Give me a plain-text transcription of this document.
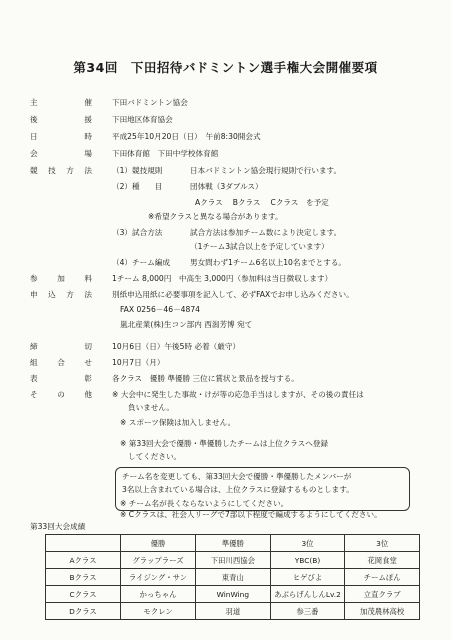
第34回　下田招待バドミントン選手権大会開催要項
主	催	下田バドミントン協会
後	援	下田地区体育協会
日	時	平成25年10月20日（日）　午前8:30開会式
会	場	下田体育館　下田中学校体育館
競 技 方 法	（1）競技規則	日本バドミントン協会現行規則で行います。
（2）種　　目	団体戦（3ダブルス）
Aクラス　 Bクラス　 Cクラス　を予定
※希望クラスと異なる場合があります。
（3）試合方法	試合方法は参加チーム数により決定します。
（1チーム3試合以上を予定しています）
（4）チーム編成	男女問わず1チーム6名以上10名までとする。
参	加	料	1チーム 8,000円　中高生 3,000円（参加料は当日徴収します）
申 込 方 法	別紙申込用紙に必要事項を記入して、必ずFAXでお申し込みください。
FAX 0256－46－4874
嵐北産業(株)生コン部内 西潟芳博 宛て
締	切	10月6日（日）午後5時 必着（厳守）
組	合	せ	10月7日（月）
表	彰	各クラス　優勝 準優勝 三位に賞状と景品を授与する。
そ	の	他	※ 大会中に発生した事故・けが等の応急手当はしますが、その後の責任は
負いません。
※ スポーツ保険は加入しません。
※ 第33回大会で優勝・準優勝したチームは上位クラスへ登録
してください。
チーム名を変更しても、第33回大会で優勝・準優勝したメンバーが
3名以上含まれている場合は、上位クラスに登録するものとします。
※ チーム名が長くならないようにしてください。
※ Cクラスは、社会人リーグで7部以下程度で編成するようにしてください。
第33回大会成績
	優勝	準優勝	3位	3位
Aクラス	グラップラーズ	下田川西協会	YBC(B)	花岡食堂
Bクラス	ライジング・サン	東青山	ヒゲびよ	チームぽん
Cクラス	かっちゃん	WinWing	あぶらげんしんLv.2	立直クラブ
Dクラス	モクレン	羽道	参三番	加茂農林高校
